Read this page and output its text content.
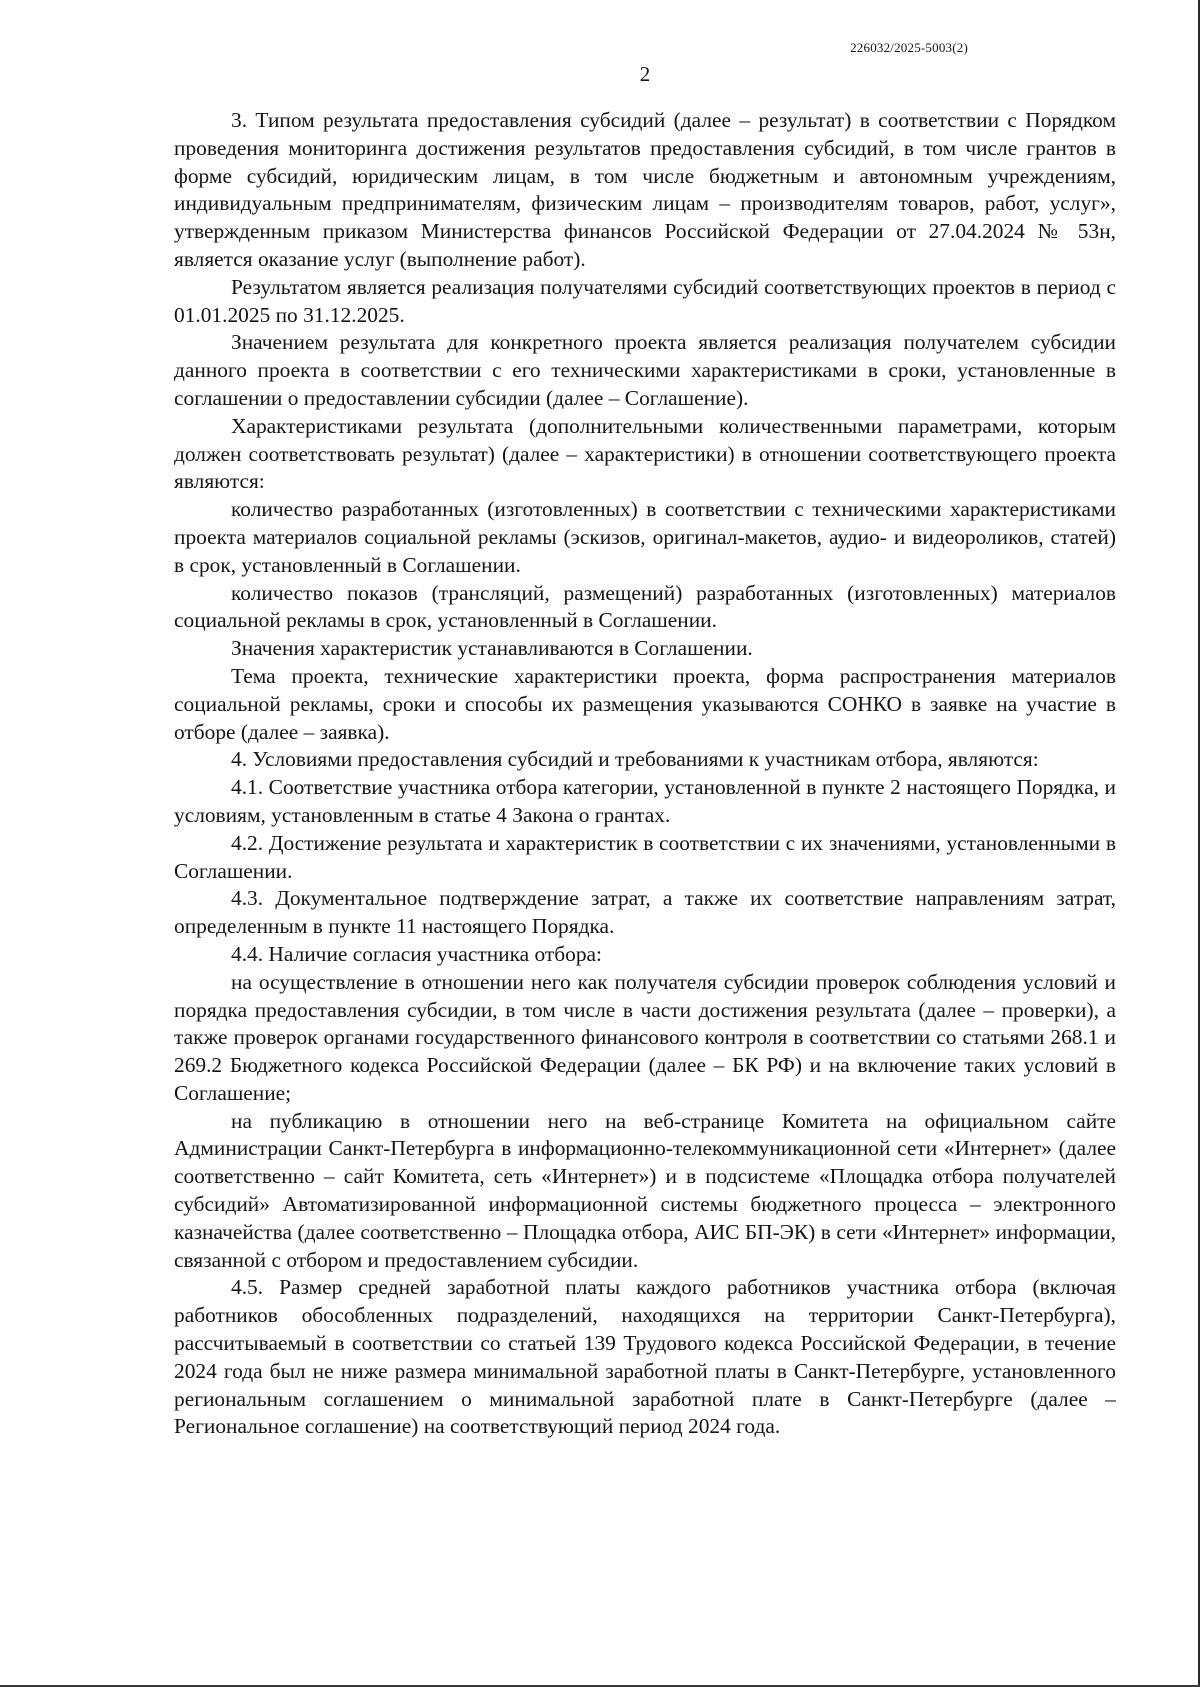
226032/2025-5003(2)
2

3. Типом результата предоставления субсидий (далее – результат) в соответствии с Порядком проведения мониторинга достижения результатов предоставления субсидий, в том числе грантов в форме субсидий, юридическим лицам, в том числе бюджетным и автономным учреждениям, индивидуальным предпринимателям, физическим лицам – производителям товаров, работ, услуг», утвержденным приказом Министерства финансов Российской Федерации от 27.04.2024 № 53н, является оказание услуг (выполнение работ).

Результатом является реализация получателями субсидий соответствующих проектов в период с 01.01.2025 по 31.12.2025.

Значением результата для конкретного проекта является реализация получателем субсидии данного проекта в соответствии с его техническими характеристиками в сроки, установленные в соглашении о предоставлении субсидии (далее – Соглашение).

Характеристиками результата (дополнительными количественными параметрами, которым должен соответствовать результат) (далее – характеристики) в отношении соответствующего проекта являются:

количество разработанных (изготовленных) в соответствии с техническими характеристиками проекта материалов социальной рекламы (эскизов, оригинал-макетов, аудио- и видеороликов, статей) в срок, установленный в Соглашении.

количество показов (трансляций, размещений) разработанных (изготовленных) материалов социальной рекламы в срок, установленный в Соглашении.

Значения характеристик устанавливаются в Соглашении.

Тема проекта, технические характеристики проекта, форма распространения материалов социальной рекламы, сроки и способы их размещения указываются СОНКО в заявке на участие в отборе (далее – заявка).

4. Условиями предоставления субсидий и требованиями к участникам отбора, являются:

4.1. Соответствие участника отбора категории, установленной в пункте 2 настоящего Порядка, и условиям, установленным в статье 4 Закона о грантах.

4.2. Достижение результата и характеристик в соответствии с их значениями, установленными в Соглашении.

4.3. Документальное подтверждение затрат, а также их соответствие направлениям затрат, определенным в пункте 11 настоящего Порядка.

4.4. Наличие согласия участника отбора:

на осуществление в отношении него как получателя субсидии проверок соблюдения условий и порядка предоставления субсидии, в том числе в части достижения результата (далее – проверки), а также проверок органами государственного финансового контроля в соответствии со статьями 268.1 и 269.2 Бюджетного кодекса Российской Федерации (далее – БК РФ) и на включение таких условий в Соглашение;

на публикацию в отношении него на веб-странице Комитета на официальном сайте Администрации Санкт-Петербурга в информационно-телекоммуникационной сети «Интернет» (далее соответственно – сайт Комитета, сеть «Интернет») и в подсистеме «Площадка отбора получателей субсидий» Автоматизированной информационной системы бюджетного процесса – электронного казначейства (далее соответственно – Площадка отбора, АИС БП-ЭК) в сети «Интернет» информации, связанной с отбором и предоставлением субсидии.

4.5. Размер средней заработной платы каждого работников участника отбора (включая работников обособленных подразделений, находящихся на территории Санкт-Петербурга), рассчитываемый в соответствии со статьей 139 Трудового кодекса Российской Федерации, в течение 2024 года был не ниже размера минимальной заработной платы в Санкт-Петербурге, установленного региональным соглашением о минимальной заработной плате в Санкт-Петербурге (далее – Региональное соглашение) на соответствующий период 2024 года.
